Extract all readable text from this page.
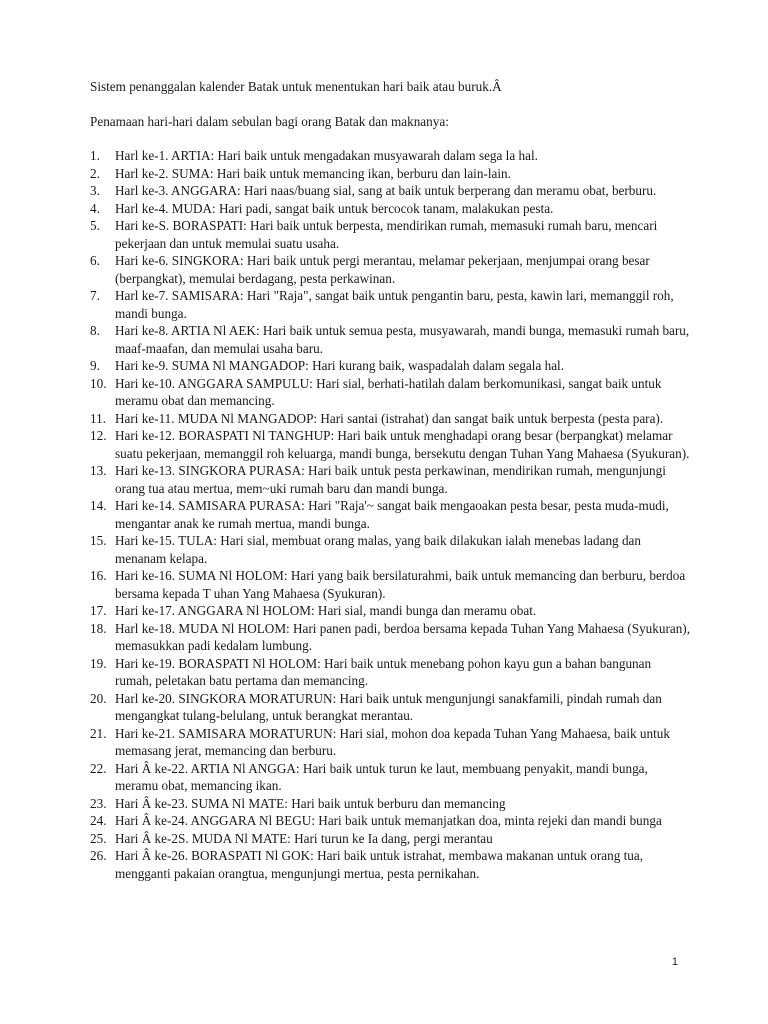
Sistem penanggalan kalender Batak untuk menentukan hari baik atau buruk.Â

Penamaan hari-hari dalam sebulan bagi orang Batak dan maknanya:

1. Harl ke-1. ARTIA: Hari baik untuk mengadakan musyawarah dalam sega la hal.
2. Harl ke-2. SUMA: Hari baik untuk memancing ikan, berburu dan lain-lain.
3. Harl ke-3. ANGGARA: Hari naas/buang sial, sang at baik untuk berperang dan meramu obat, berburu.
4. Harl ke-4. MUDA: Hari padi, sangat baik untuk bercocok tanam, malakukan pesta.
5. Hari ke-S. BORASPATI: Hari baik untuk berpesta, mendirikan rumah, memasuki rumah baru, mencari pekerjaan dan untuk memulai suatu usaha.
6. Hari ke-6. SINGKORA: Hari baik untuk pergi merantau, melamar pekerjaan, menjumpai orang besar (berpangkat), memulai berdagang, pesta perkawinan.
7. Harl ke-7. SAMISARA: Hari "Raja", sangat baik untuk pengantin baru, pesta, kawin lari, memanggil roh, mandi bunga.
8. Hari ke-8. ARTIA Nl AEK: Hari baik untuk semua pesta, musyawarah, mandi bunga, memasuki rumah baru, maaf-maafan, dan memulai usaha baru.
9. Hari ke-9. SUMA Nl MANGADOP: Hari kurang baik, waspadalah dalam segala hal.
10. Hari ke-10. ANGGARA SAMPULU: Hari sial, berhati-hatilah dalam berkomunikasi, sangat baik untuk meramu obat dan memancing.
11. Hari ke-11. MUDA Nl MANGADOP: Hari santai (istrahat) dan sangat baik untuk berpesta (pesta para).
12. Hari ke-12. BORASPATI Nl TANGHUP: Hari baik untuk menghadapi orang besar (berpangkat) melamar suatu pekerjaan, memanggil roh keluarga, mandi bunga, bersekutu dengan Tuhan Yang Mahaesa (Syukuran).
13. Hari ke-13. SINGKORA PURASA: Hari baik untuk pesta perkawinan, mendirikan rumah, mengunjungi orang tua atau mertua, mem~uki rumah baru dan mandi bunga.
14. Hari ke-14. SAMISARA PURASA: Hari "Raja'~ sangat baik mengaoakan pesta besar, pesta muda-mudi, mengantar anak ke rumah mertua, mandi bunga.
15. Hari ke-15. TULA: Hari sial, membuat orang malas, yang baik dilakukan ialah menebas ladang dan menanam kelapa.
16. Hari ke-16. SUMA Nl HOLOM: Hari yang baik bersilaturahmi, baik untuk memancing dan berburu, berdoa bersama kepada T uhan Yang Mahaesa (Syukuran).
17. Hari ke-17. ANGGARA Nl HOLOM: Hari sial, mandi bunga dan meramu obat.
18. Harl ke-18. MUDA Nl HOLOM: Hari panen padi, berdoa bersama kepada Tuhan Yang Mahaesa (Syukuran), memasukkan padi kedalam lumbung.
19. Hari ke-19. BORASPATI Nl HOLOM: Hari baik untuk menebang pohon kayu gun a bahan bangunan rumah, peletakan batu pertama dan memancing.
20. Harl ke-20. SINGKORA MORATURUN: Hari baik untuk mengunjungi sanakfamili, pindah rumah dan mengangkat tulang-belulang, untuk berangkat merantau.
21. Hari ke-21. SAMISARA MORATURUN: Hari sial, mohon doa kepada Tuhan Yang Mahaesa, baik untuk memasang jerat, memancing dan berburu.
22. Hari Â ke-22. ARTIA Nl ANGGA: Hari baik untuk turun ke laut, membuang penyakit, mandi bunga, meramu obat, memancing ikan.
23. Hari Â ke-23. SUMA Nl MATE: Hari baik untuk berburu dan memancing
24. Hari Â ke-24. ANGGARA Nl BEGU: Hari baik untuk memanjatkan doa, minta rejeki dan mandi bunga
25. Hari Â ke-2S. MUDA Nl MATE: Hari turun ke Ia dang, pergi merantau
26. Hari Â ke-26. BORASPATI Nl GOK: Hari baik untuk istrahat, membawa makanan untuk orang tua, mengganti pakaian orangtua, mengunjungi mertua, pesta pernikahan.
1
